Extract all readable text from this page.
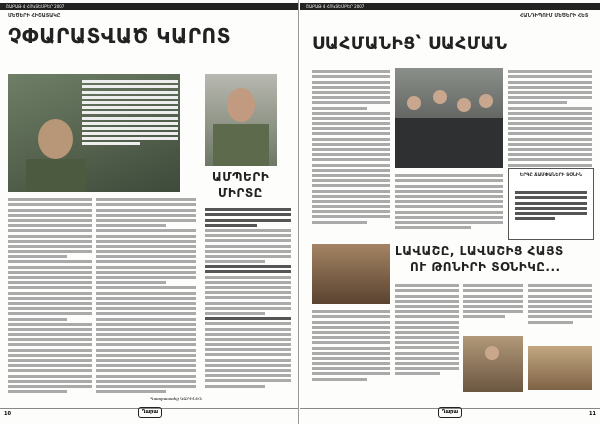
ՇԱԲԱԹ 4 ՀՈԿՏԵՄԲԵՐ 2007
ՄԵԾԵՐԻ ՀԻՇԱՏԱԿԸ
ՉՓԱՐԱՏՎԱԾ ԿԱՐՈՏ
ԱՄՊԵՐԻ
ՄԻՐՏԸ
Պատրաստեց ԿԱՐԻՆԵՆ
10	Ղարա
ՇԱԲԱԹ 4 ՀՈԿՏԵՄԲԵՐ 2007
ՀԱՆԴԻՊՈՒՄ ՄԵԾԵՐԻ ՀԵՏ
ՍԱՀՄԱՆԻՑ՝ ՍԱՀՄԱՆ
ԵՐԳԸ ՃԱՄՓԱՆԵՐԻ ՏՕՆԻՆ
ԼԱՎԱՇԸ, ԼԱՎԱՇԻՑ ՀԱՅՏ
ՈՒ ԹՈՆԻՐԻ ՏՕՆԻԿԸ...
Ղարա	11
